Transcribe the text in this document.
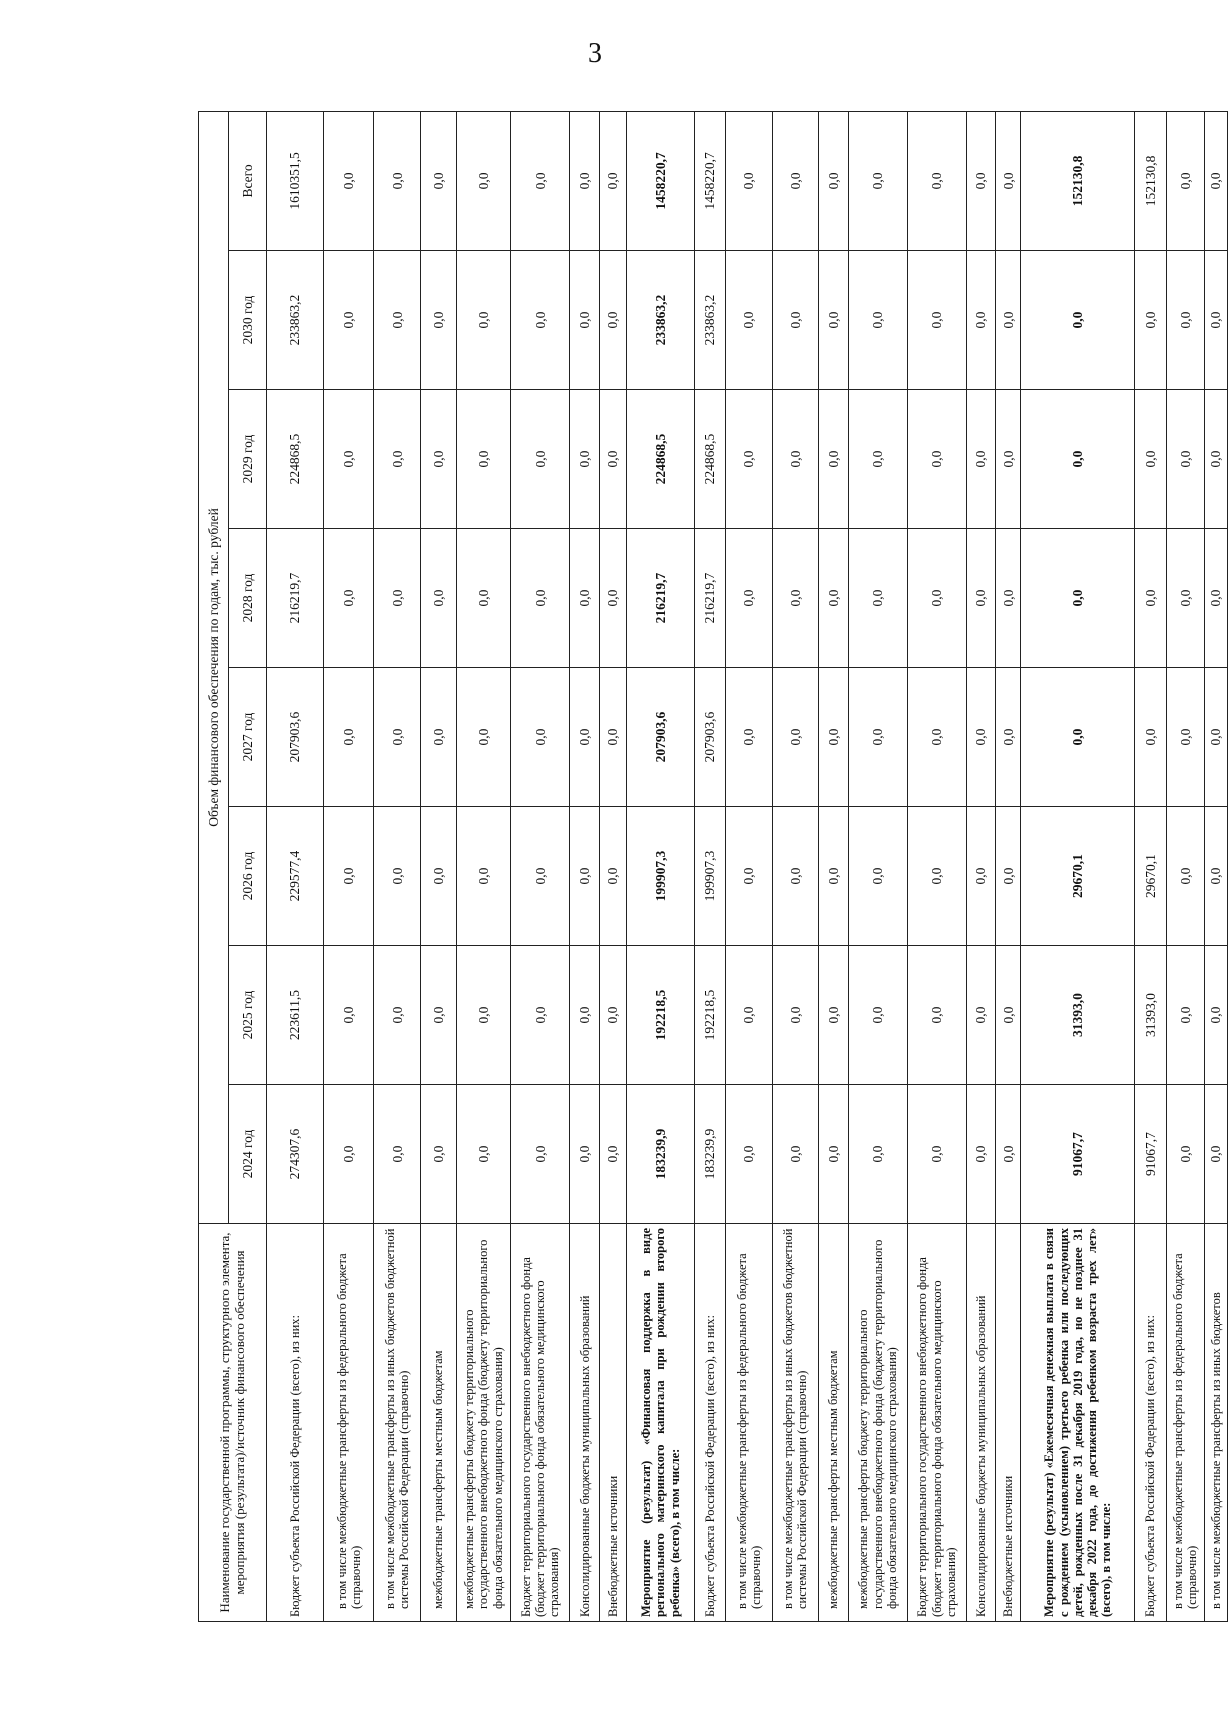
3
Наименование государственной программы, структурного элемента, мероприятия (результата)/источник финансового обеспечения	Объем финансового обеспечения по годам, тыс. рублей							
	2024 год	2025 год	2026 год	2027 год	2028 год	2029 год	2030 год	Всего
Бюджет субъекта Российской Федерации (всего), из них:	274307,6	223611,5	229577,4	207903,6	216219,7	224868,5	233863,2	1610351,5
в том числе межбюджетные трансферты из федерального бюджета (справочно)	0,0	0,0	0,0	0,0	0,0	0,0	0,0	0,0
в том числе межбюджетные трансферты из иных бюджетов бюджетной системы Российской Федерации (справочно)	0,0	0,0	0,0	0,0	0,0	0,0	0,0	0,0
межбюджетные трансферты местным бюджетам	0,0	0,0	0,0	0,0	0,0	0,0	0,0	0,0
межбюджетные трансферты бюджету территориального государственного внебюджетного фонда (бюджету территориального фонда обязательного медицинского страхования)	0,0	0,0	0,0	0,0	0,0	0,0	0,0	0,0
Бюджет территориального государственного внебюджетного фонда (бюджет территориального фонда обязательного медицинского страхования)	0,0	0,0	0,0	0,0	0,0	0,0	0,0	0,0
Консолидированные бюджеты муниципальных образований	0,0	0,0	0,0	0,0	0,0	0,0	0,0	0,0
Внебюджетные источники	0,0	0,0	0,0	0,0	0,0	0,0	0,0	0,0
Мероприятие (результат) «Финансовая поддержка в виде регионального материнского капитала при рождении второго ребенка» (всего), в том числе:	183239,9	192218,5	199907,3	207903,6	216219,7	224868,5	233863,2	1458220,7
Бюджет субъекта Российской Федерации (всего), из них:	183239,9	192218,5	199907,3	207903,6	216219,7	224868,5	233863,2	1458220,7
в том числе межбюджетные трансферты из федерального бюджета (справочно)	0,0	0,0	0,0	0,0	0,0	0,0	0,0	0,0
в том числе межбюджетные трансферты из иных бюджетов бюджетной системы Российской Федерации (справочно)	0,0	0,0	0,0	0,0	0,0	0,0	0,0	0,0
межбюджетные трансферты местным бюджетам	0,0	0,0	0,0	0,0	0,0	0,0	0,0	0,0
межбюджетные трансферты бюджету территориального государственного внебюджетного фонда (бюджету территориального фонда обязательного медицинского страхования)	0,0	0,0	0,0	0,0	0,0	0,0	0,0	0,0
Бюджет территориального государственного внебюджетного фонда (бюджет территориального фонда обязательного медицинского страхования)	0,0	0,0	0,0	0,0	0,0	0,0	0,0	0,0
Консолидированные бюджеты муниципальных образований	0,0	0,0	0,0	0,0	0,0	0,0	0,0	0,0
Внебюджетные источники	0,0	0,0	0,0	0,0	0,0	0,0	0,0	0,0
Мероприятие (результат) «Ежемесячная денежная выплата в связи с рождением (усыновлением) третьего ребенка или последующих детей, рожденных после 31 декабря 2019 года, но не позднее 31 декабря 2022 года, до достижения ребенком возраста трех лет» (всего), в том числе:	91067,7	31393,0	29670,1	0,0	0,0	0,0	0,0	152130,8
Бюджет субъекта Российской Федерации (всего), из них:	91067,7	31393,0	29670,1	0,0	0,0	0,0	0,0	152130,8
в том числе межбюджетные трансферты из федерального бюджета (справочно)	0,0	0,0	0,0	0,0	0,0	0,0	0,0	0,0
в том числе межбюджетные трансферты из иных бюджетов	0,0	0,0	0,0	0,0	0,0	0,0	0,0	0,0
